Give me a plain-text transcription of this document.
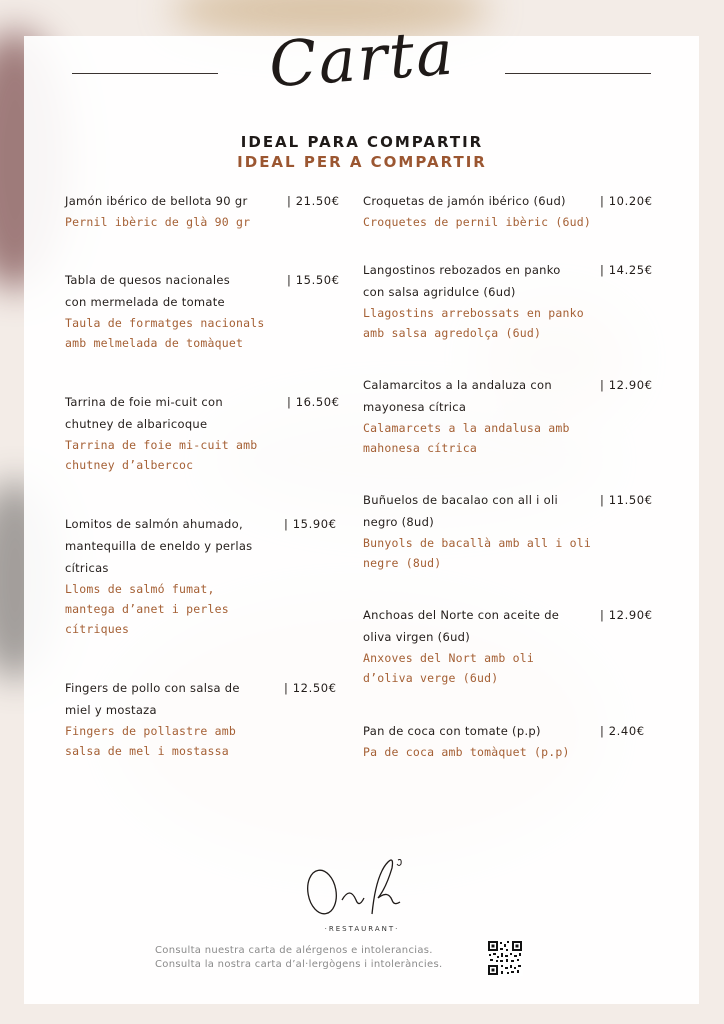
Carta
IDEAL PARA COMPARTIR
IDEAL PER A COMPARTIR
Jamón ibérico de bellota 90 gr
Pernil ibèric de glà 90 gr
| 21.50€
Tabla de quesos nacionales
con mermelada de tomate
Taula de formatges nacionals
amb melmelada de tomàquet
| 15.50€
Tarrina de foie mi-cuit con
chutney de albaricoque
Tarrina de foie mi-cuit amb
chutney d’albercoc
| 16.50€
Lomitos de salmón ahumado,
mantequilla de eneldo y perlas
cítricas
Lloms de salmó fumat,
mantega d’anet i perles
cítriques
| 15.90€
Fingers de pollo con salsa de
miel y mostaza
Fingers de pollastre amb
salsa de mel i mostassa
| 12.50€
Croquetas de jamón ibérico (6ud)
Croquetes de pernil ibèric (6ud)
| 10.20€
Langostinos rebozados en panko
con salsa agridulce (6ud)
Llagostins arrebossats en panko
amb salsa agredolça (6ud)
| 14.25€
Calamarcitos a la andaluza con
mayonesa cítrica
Calamarcets a la andalusa amb
mahonesa cítrica
| 12.90€
Buñuelos de bacalao con all i oli
negro (8ud)
Bunyols de bacallà amb all i oli
negre (8ud)
| 11.50€
Anchoas del Norte con aceite de
oliva virgen (6ud)
Anxoves del Nort amb oli
d’oliva verge (6ud)
| 12.90€
Pan de coca con tomate (p.p)
Pa de coca amb tomàquet (p.p)
| 2.40€
·RESTAURANT·
Consulta nuestra carta de alérgenos e intolerancias.
Consulta la nostra carta d’al·lergògens i intoleràncies.
